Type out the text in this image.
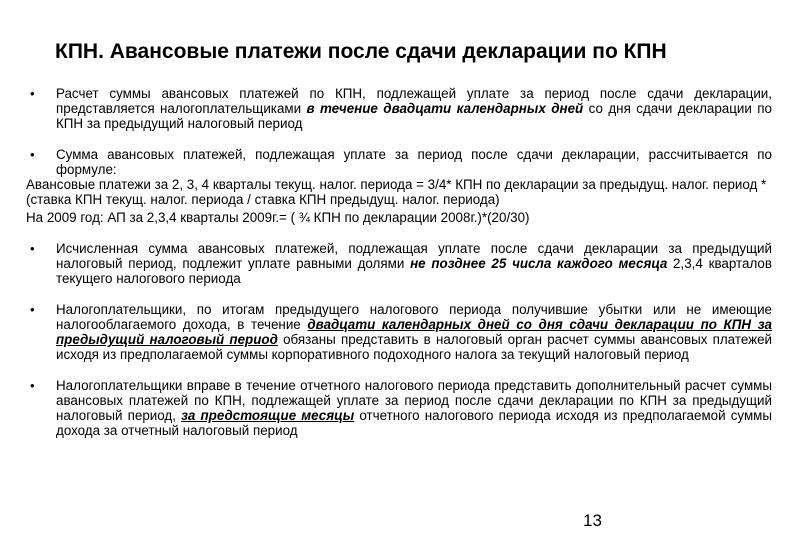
КПН. Авансовые платежи после сдачи декларации по КПН
• Расчет суммы авансовых платежей по КПН, подлежащей уплате за период после сдачи декларации, представляется налогоплательщиками в течение двадцати календарных дней со дня сдачи декларации по КПН за предыдущий налоговый период
• Сумма авансовых платежей, подлежащая уплате за период после сдачи декларации, рассчитывается по формуле:
Авансовые платежи за 2, 3, 4 кварталы текущ. налог. периода = 3/4* КПН по декларации за предыдущ. налог. период * (ставка КПН текущ. налог. периода / ставка КПН предыдущ. налог. периода)
На 2009 год: АП за 2,3,4 кварталы 2009г.= ( ¾ КПН по декларации 2008г.)*(20/30)
• Исчисленная сумма авансовых платежей, подлежащая уплате после сдачи декларации за предыдущий налоговый период, подлежит уплате равными долями не позднее 25 числа каждого месяца 2,3,4 кварталов текущего налогового периода
• Налогоплательщики, по итогам предыдущего налогового периода получившие убытки или не имеющие налогооблагаемого дохода, в течение двадцати календарных дней со дня сдачи декларации по КПН за предыдущий налоговый период обязаны представить в налоговый орган расчет суммы авансовых платежей исходя из предполагаемой суммы корпоративного подоходного налога за текущий налоговый период
• Налогоплательщики вправе в течение отчетного налогового периода представить дополнительный расчет суммы авансовых платежей по КПН, подлежащей уплате за период после сдачи декларации по КПН за предыдущий налоговый период, за предстоящие месяцы отчетного налогового периода исходя из предполагаемой суммы дохода за отчетный налоговый период
13
